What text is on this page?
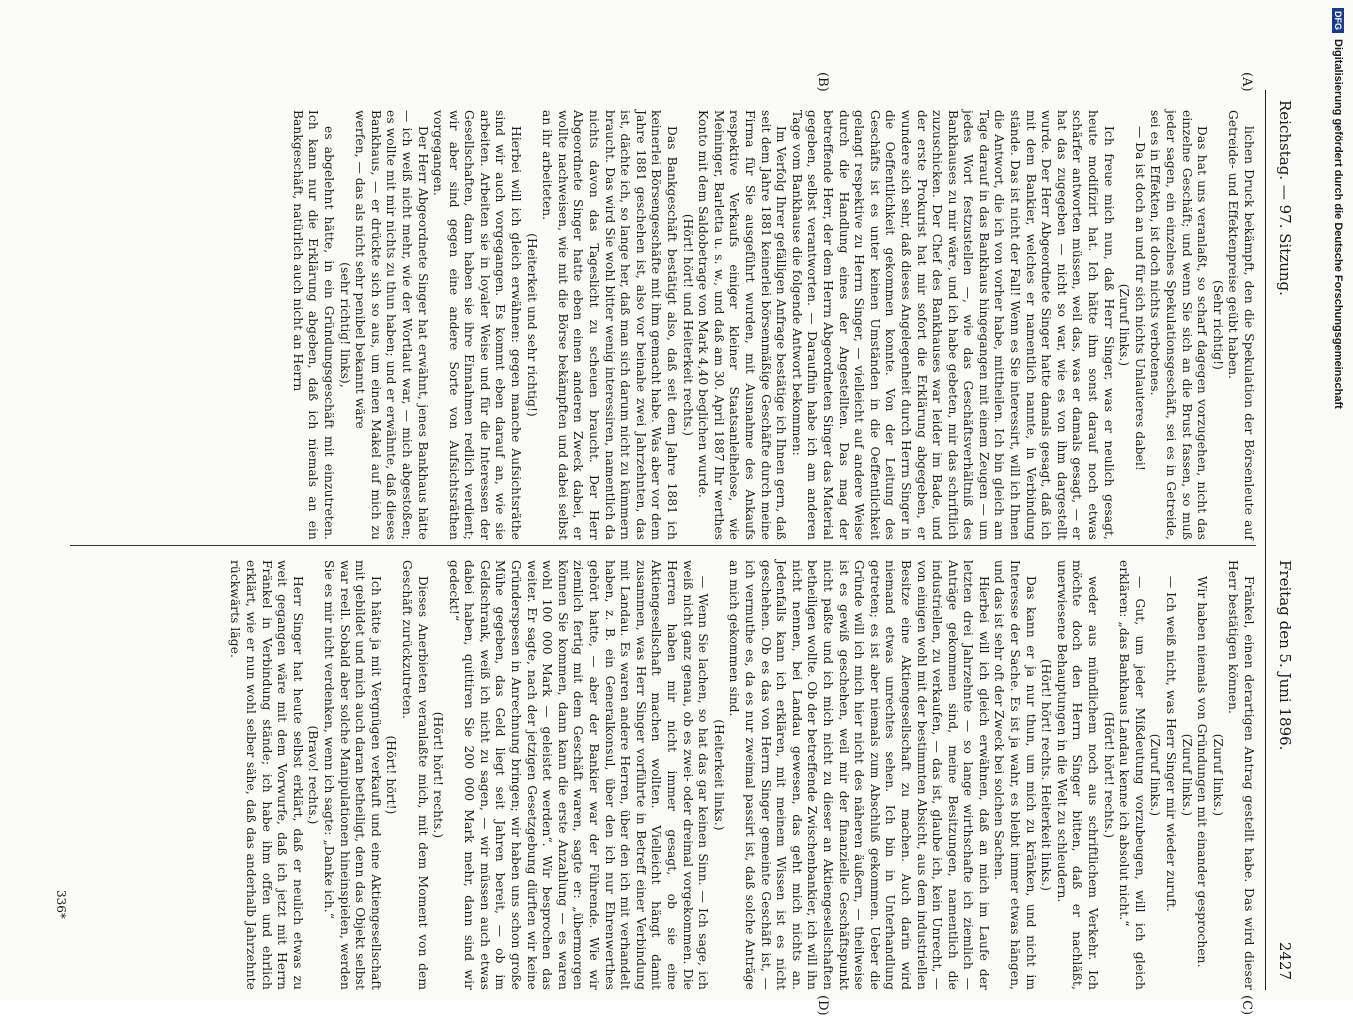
Reichstag. — 97. Sitzung.
Freitag den 5. Juni 1896.
2427
(A)
(B)
(C)
(D)

lichen Druck bekämpft, den die Spekulation der Börsenleute auf Getreide- und Effektenpreise geübt haben.

(Sehr richtig!)

Das hat uns veranlaßt, so scharf dagegen vorzugehen, nicht das einzelne Geschäft; und wenn Sie sich an die Brust fassen, so muß jeder sagen, ein einzelnes Spekulationsgeschäft, sei es in Getreide, sei es in Effekten, ist doch nichts verbotenes.

— Da ist doch an und für sich nichts Unlauteres dabei!

(Zuruf links.)

Ich freue mich nun, daß Herr Singer, was er neulich gesagt, heute modifizirt hat. Ich hätte ihm sonst darauf noch etwas schärfer antworten müssen, weil das, was er damals gesagt, — er hat das zugegeben — nicht so war, wie es von ihm dargestellt wurde. Der Herr Abgeordnete Singer hatte damals gesagt, daß ich mit dem Bankier, welches er namentlich nannte, in Verbindung stände. Das ist nicht der Fall! Wenn es Sie interessirt, will ich Ihnen die Antwort, die ich von vorher habe, mittheilen. Ich bin gleich am Tage darauf in das Bankhaus hingegangen mit einem Zeugen — um jedes Wort festzustellen —, wie das Geschäftsverhältniß des Bankhauses zu mir wäre, und ich habe gebeten, mir das schriftlich zuzuschicken. Der Chef des Bankhauses war leider im Bade, und der erste Prokurist hat mir sofort die Erklärung abgegeben, er wundere sich sehr, daß dieses Angelegenheit durch Herrn Singer in die Oeffentlichkeit gekommen konnte. Von der Leitung des Geschäfts ist es unter keinen Umständen in die Oeffentlichkeit gelangt respektive zu Herrn Singer, — vielleicht auf andere Weise durch die Handlung eines der Angestellten. Das mag der betreffende Herr, der dem Herrn Abgeordneten Singer das Material gegeben, selbst verantworten. — Daraufhin habe ich am anderen Tage vom Bankhause die folgende Antwort bekommen:

Im Verfolg Ihrer gefälligen Anfrage bestätige ich Ihnen gern, daß seit dem Jahre 1881 keinerlei börsenmäßige Geschäfte durch meine Firma für Sie ausgeführt wurden, mit Ausnahme des Ankaufs respektive Verkaufs einiger kleiner Staatsanleihelose, wie Meininger, Barletta u. s. w., und daß am 30. April 1887 Ihr werthes Konto mit dem Saldobetrage von Mark 4,40 beglichen wurde.

(Hört! hört! und Heiterkeit rechts.)

Das Bankgeschäft bestätigt also, daß seit dem Jahre 1881 ich keinerlei Börsengeschäfte mit ihm gemacht habe. Was aber vor dem Jahre 1881 geschehen ist, also vor beinahe zwei Jahrzehnten, das ist, dächte ich, so lange her, daß man sich darum nicht zu kümmern braucht. Das wird Sie wohl bitter wenig interessiren, namentlich da nichts davon das Tageslicht zu scheuen braucht. Der Herr Abgeordnete Singer hatte eben einen anderen Zweck dabei, er wollte nachweisen, wie mit die Börse bekämpften und dabei selbst an ihr arbeiteten.

(Heiterkeit und sehr richtig!)

Hierbei will ich gleich erwähnen: gegen manche Aufsichtsräthe sind wir auch vorgegangen. Es kommt eben darauf an, wie sie arbeiten. Arbeiten sie in loyaler Weise und für die Interessen der Gesellschaften, dann haben sie ihre Einnahmen redlich verdient; wir aber sind gegen eine andere Sorte von Aufsichtsräthen vorgegangen.

Der Herr Abgeordnete Singer hat erwähnt, jenes Bankhaus hätte — ich weiß nicht mehr, wie der Wortlaut war, — mich abgestoßen; es wollte mit mir nichts zu thun haben; und er erwähnte, daß dieses Bankhaus, — er drückte sich so aus, um einen Makel auf mich zu werfen, — das als nicht sehr penibel bekannt wäre

(sehr richtig! links),

es abgelehnt hätte, in ein Gründungsgeschäft mit einzutreten. Ich kann nur die Erklärung abgeben, daß ich niemals an ein Bankgeschäft, natürlich auch nicht an Herrn

Fränkel, einen derartigen Antrag gestellt habe. Das wird dieser Herr bestätigen können.

(Zuruf links.)

Wir haben niemals von Gründungen mit einander gesprochen.

(Zuruf links.)

— Ich weiß nicht, was Herr Singer mir wieder zuruft.

(Zuruf links.)

— Gut, um jeder Mißdeutung vorzubeugen, will ich gleich erklären: „das Bankhaus Landau kenne ich absolut nicht.“

(Hört! hört! rechts.)

weder aus mündlichem noch aus schriftlichem Verkehr. Ich möchte doch den Herrn Singer bitten, daß er nachläßt, unerwiesene Behauptungen in die Welt zu schleudern.

(Hört! hört! rechts. Heiterkeit links.)

Das kann er ja nur thun, um mich zu kränken, und nicht im Interesse der Sache. Es ist ja wahr, es bleibt immer etwas hängen, und das ist sehr oft der Zweck bei solchen Sachen.

Hierbei will ich gleich erwähnen, daß an mich im Laufe der letzten drei Jahrzehnte — so lange wirthschafte ich ziemlich — Anträge gekommen sind, meine Besitzungen, namentlich die industriellen, zu verkaufen, — das ist, glaube ich, kein Unrecht, — von einigen wohl mit der bestimmten Absicht, aus dem industriellen Besitze eine Aktiengesellschaft zu machen. Auch darin wird niemand etwas unrechtes sehen. Ich bin in Unterhandlung getreten; es ist aber niemals zum Abschluß gekommen. Ueber die Gründe will ich mich hier nicht des näheren äußern, — theilweise ist es gewiß geschehen, weil mir der finanzielle Geschäftspunkt nicht paßte und ich mich nicht zu dieser an Aktiengesellschaften betheiligen wollte. Ob der betreffende Zwischenbankier, ich will ihn nicht nennen, bei Landau gewesen, das geht mich nichts an. Jedenfalls kann ich erklären, mit meinem Wissen ist es nicht geschehen. Ob es das von Herrn Singer gemeinte Geschäft ist, — ich vermuthe es, da es nur zweimal passirt ist, daß solche Anträge an mich gekommen sind.

(Heiterkeit links.)

— Wenn Sie lachen, so hat das gar keinen Sinn. — Ich sage, ich weiß nicht ganz genau, ob es zwei- oder dreimal vorgekommen. Die Herren haben mir nicht immer gesagt, ob sie eine Aktiengesellschaft machen wollten. Vielleicht hängt damit zusammen, was Herr Singer vorführte in Betreff einer Verbindung mit Landau. Es waren andere Herren, über den ich mit verhandelt haben, z. B. ein Generalkonsul, über den ich nur Ehrenwerthes gehört hatte, — aber der Bankier war der Führende. Wie wir ziemlich fertig mit dem Geschäft waren, sagte er: „übermorgen können Sie kommen, dann kann die erste Anzahlung — es waren wohl 100 000 Mark — geleistet werden“. Wir besprochen das weiter. Er sagte, nach der jetzigen Gesetzgebung dürften wir keine Gründerspesen in Anrechnung bringen; wir haben uns schon große Mühe gegeben, das Geld liegt seit Jahren bereit, — ob im Geldschrank, weiß ich nicht zu sagen, — wir müssen auch etwas dabei haben, quittiren Sie 200 000 Mark mehr, dann sind wir gedeckt!“

(Hört! hört! rechts.)

Dieses Anerbieten veranlaßte mich, mit dem Moment von dem Geschäft zurückzutreten.

(Hört! hört!)

Ich hätte ja mit Vergnügen verkauft und eine Aktiengesellschaft mit gebildet und mich auch daran betheiligt, denn das Objekt selbst war reell. Sobald aber solche Manipulationen hineinspielen, werden Sie es mir nicht verdenken, wenn ich sagte: „Danke ich.“

(Bravo! rechts.)

Herr Singer hat heute selbst erklärt, daß er neulich etwas zu weit gegangen wäre mit dem Vorwurfe, daß ich jetzt mit Herrn Fränkel in Verbindung stände; ich habe ihm offen und ehrlich erklärt, wie er nun wohl selber sähe, daß das anderhalb Jahrzehnte rückwärts läge.

336*
DFG
Digitalisierung gefördert durch die Deutsche Forschungsgemeinschaft
